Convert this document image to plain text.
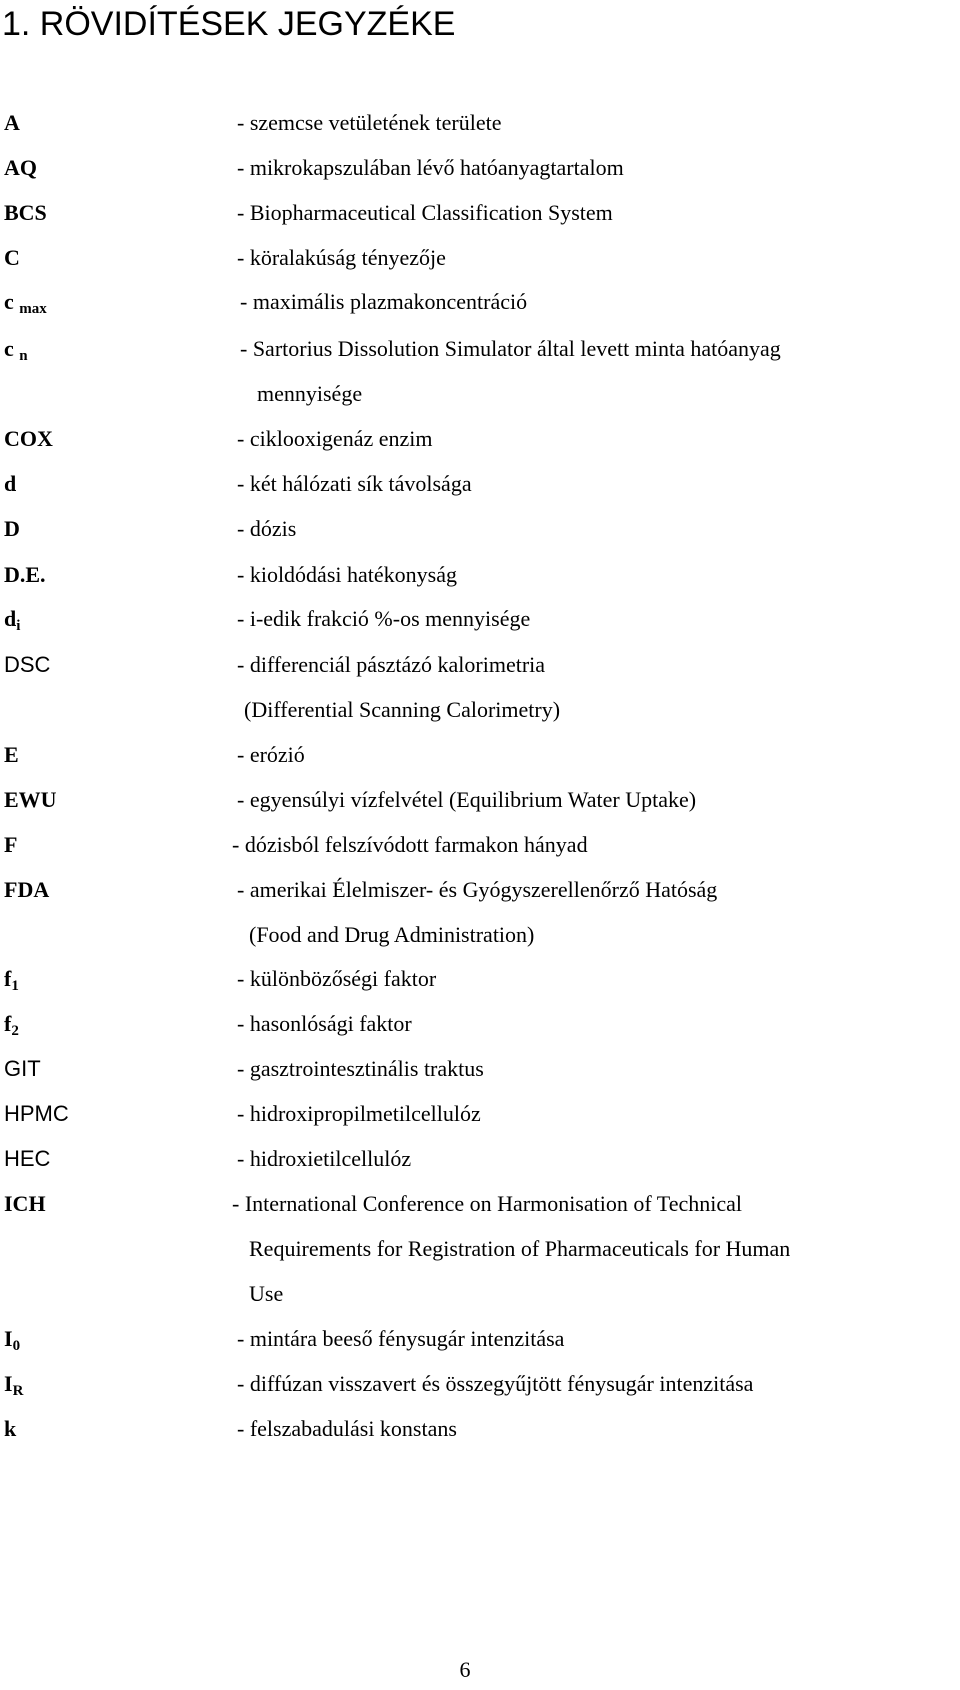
1. RÖVIDÍTÉSEK JEGYZÉKE
A	- szemcse vetületének területe
AQ	- mikrokapszulában lévő hatóanyagtartalom
BCS	- Biopharmaceutical Classification System
C	- köralakúság tényezője
c $_{max}$	- maximális plazmakoncentráció
c $_n$	- Sartorius Dissolution Simulator által levett minta hatóanyag
mennyisége
COX	- ciklooxigenáz enzim
d	- két hálózati sík távolsága
D	- dózis
D.E.	- kioldódási hatékonyság
$d_i$	- i-edik frakció %-os mennyisége
DSC	- differenciál pásztázó kalorimetria
(Differential Scanning Calorimetry)
E	- erózió
EWU	- egyensúlyi vízfelvétel (Equilibrium Water Uptake)
F	- dózisból felszívódott farmakon hányad
FDA	- amerikai Élelmiszer- és Gyógyszerellenőrző Hatóság
(Food and Drug Administration)
$f_1$	- különbözőségi faktor
$f_2$	- hasonlósági faktor
GIT	- gasztrointesztinális traktus
HPMC	- hidroxipropilmetilcellulóz
HEC	- hidroxietilcellulóz
ICH	- International Conference on Harmonisation of Technical
Requirements for Registration of Pharmaceuticals for Human
Use
$I_0$	- mintára beeső fénysugár intenzitása
$I_R$	- diffúzan visszavert és összegyűjtött fénysugár intenzitása
k	- felszabadulási konstans
6
